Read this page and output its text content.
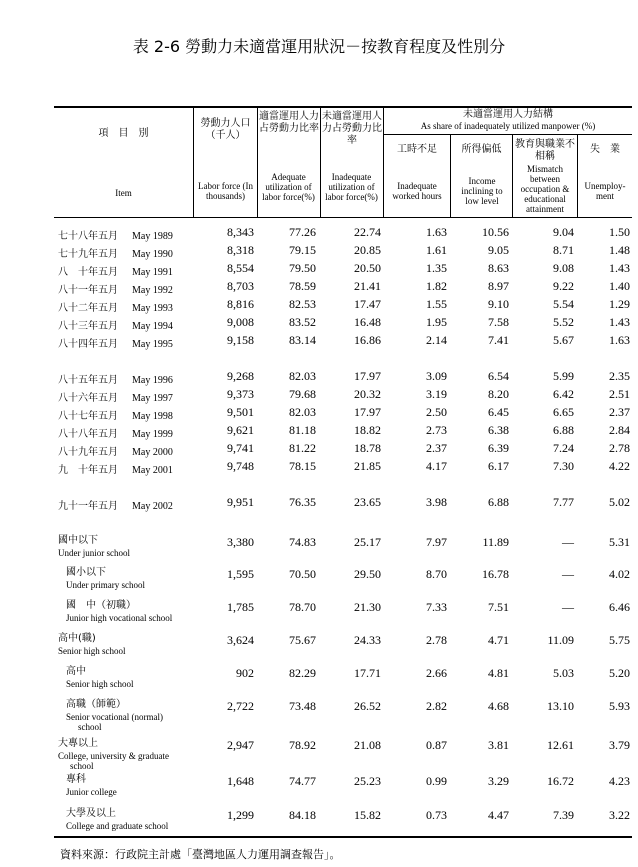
表 2-6 勞動力未適當運用狀況－按教育程度及性別分
項　目　別
Item
勞動力人口（千人）
Labor force (In thousands)
適當運用人力占勞動力比率
Adequate utilization of labor force(%)
未適當運用人力占勞動力比率
Inadequate utilization of labor force(%)
未適當運用人力結構
As share of inadequately utilized manpower (%)
工時不足
Inadequate worked hours
所得偏低
Income inclining to low level
教育與職業不相稱
Mismatch between occupation & educational attainment
失　業
Unemploy-ment
七十八年五月 May 1989	8,343	77.26	22.74	1.63	10.56	9.04	1.50
七十九年五月 May 1990	8,318	79.15	20.85	1.61	9.05	8.71	1.48
八　十年五月 May 1991	8,554	79.50	20.50	1.35	8.63	9.08	1.43
八十一年五月 May 1992	8,703	78.59	21.41	1.82	8.97	9.22	1.40
八十二年五月 May 1993	8,816	82.53	17.47	1.55	9.10	5.54	1.29
八十三年五月 May 1994	9,008	83.52	16.48	1.95	7.58	5.52	1.43
八十四年五月 May 1995	9,158	83.14	16.86	2.14	7.41	5.67	1.63
八十五年五月 May 1996	9,268	82.03	17.97	3.09	6.54	5.99	2.35
八十六年五月 May 1997	9,373	79.68	20.32	3.19	8.20	6.42	2.51
八十七年五月 May 1998	9,501	82.03	17.97	2.50	6.45	6.65	2.37
八十八年五月 May 1999	9,621	81.18	18.82	2.73	6.38	6.88	2.84
八十九年五月 May 2000	9,741	81.22	18.78	2.37	6.39	7.24	2.78
九　十年五月 May 2001	9,748	78.15	21.85	4.17	6.17	7.30	4.22
九十一年五月 May 2002	9,951	76.35	23.65	3.98	6.88	7.77	5.02
國中以下	3,380	74.83	25.17	7.97	11.89	—	5.31
Under junior school
國小以下	1,595	70.50	29.50	8.70	16.78	—	4.02
Under primary school
國　中（初職）	1,785	78.70	21.30	7.33	7.51	—	6.46
Junior high vocational school
高中(職)	3,624	75.67	24.33	2.78	4.71	11.09	5.75
Senior high school
高中	902	82.29	17.71	2.66	4.81	5.03	5.20
Senior high school
高職（師範）	2,722	73.48	26.52	2.82	4.68	13.10	5.93
Senior vocational (normal)
school
大專以上	2,947	78.92	21.08	0.87	3.81	12.61	3.79
College, university & graduate
school
專科	1,648	74.77	25.23	0.99	3.29	16.72	4.23
Junior college
大學及以上	1,299	84.18	15.82	0.73	4.47	7.39	3.22
College and graduate school
資料來源：行政院主計處「臺灣地區人力運用調查報告」。
